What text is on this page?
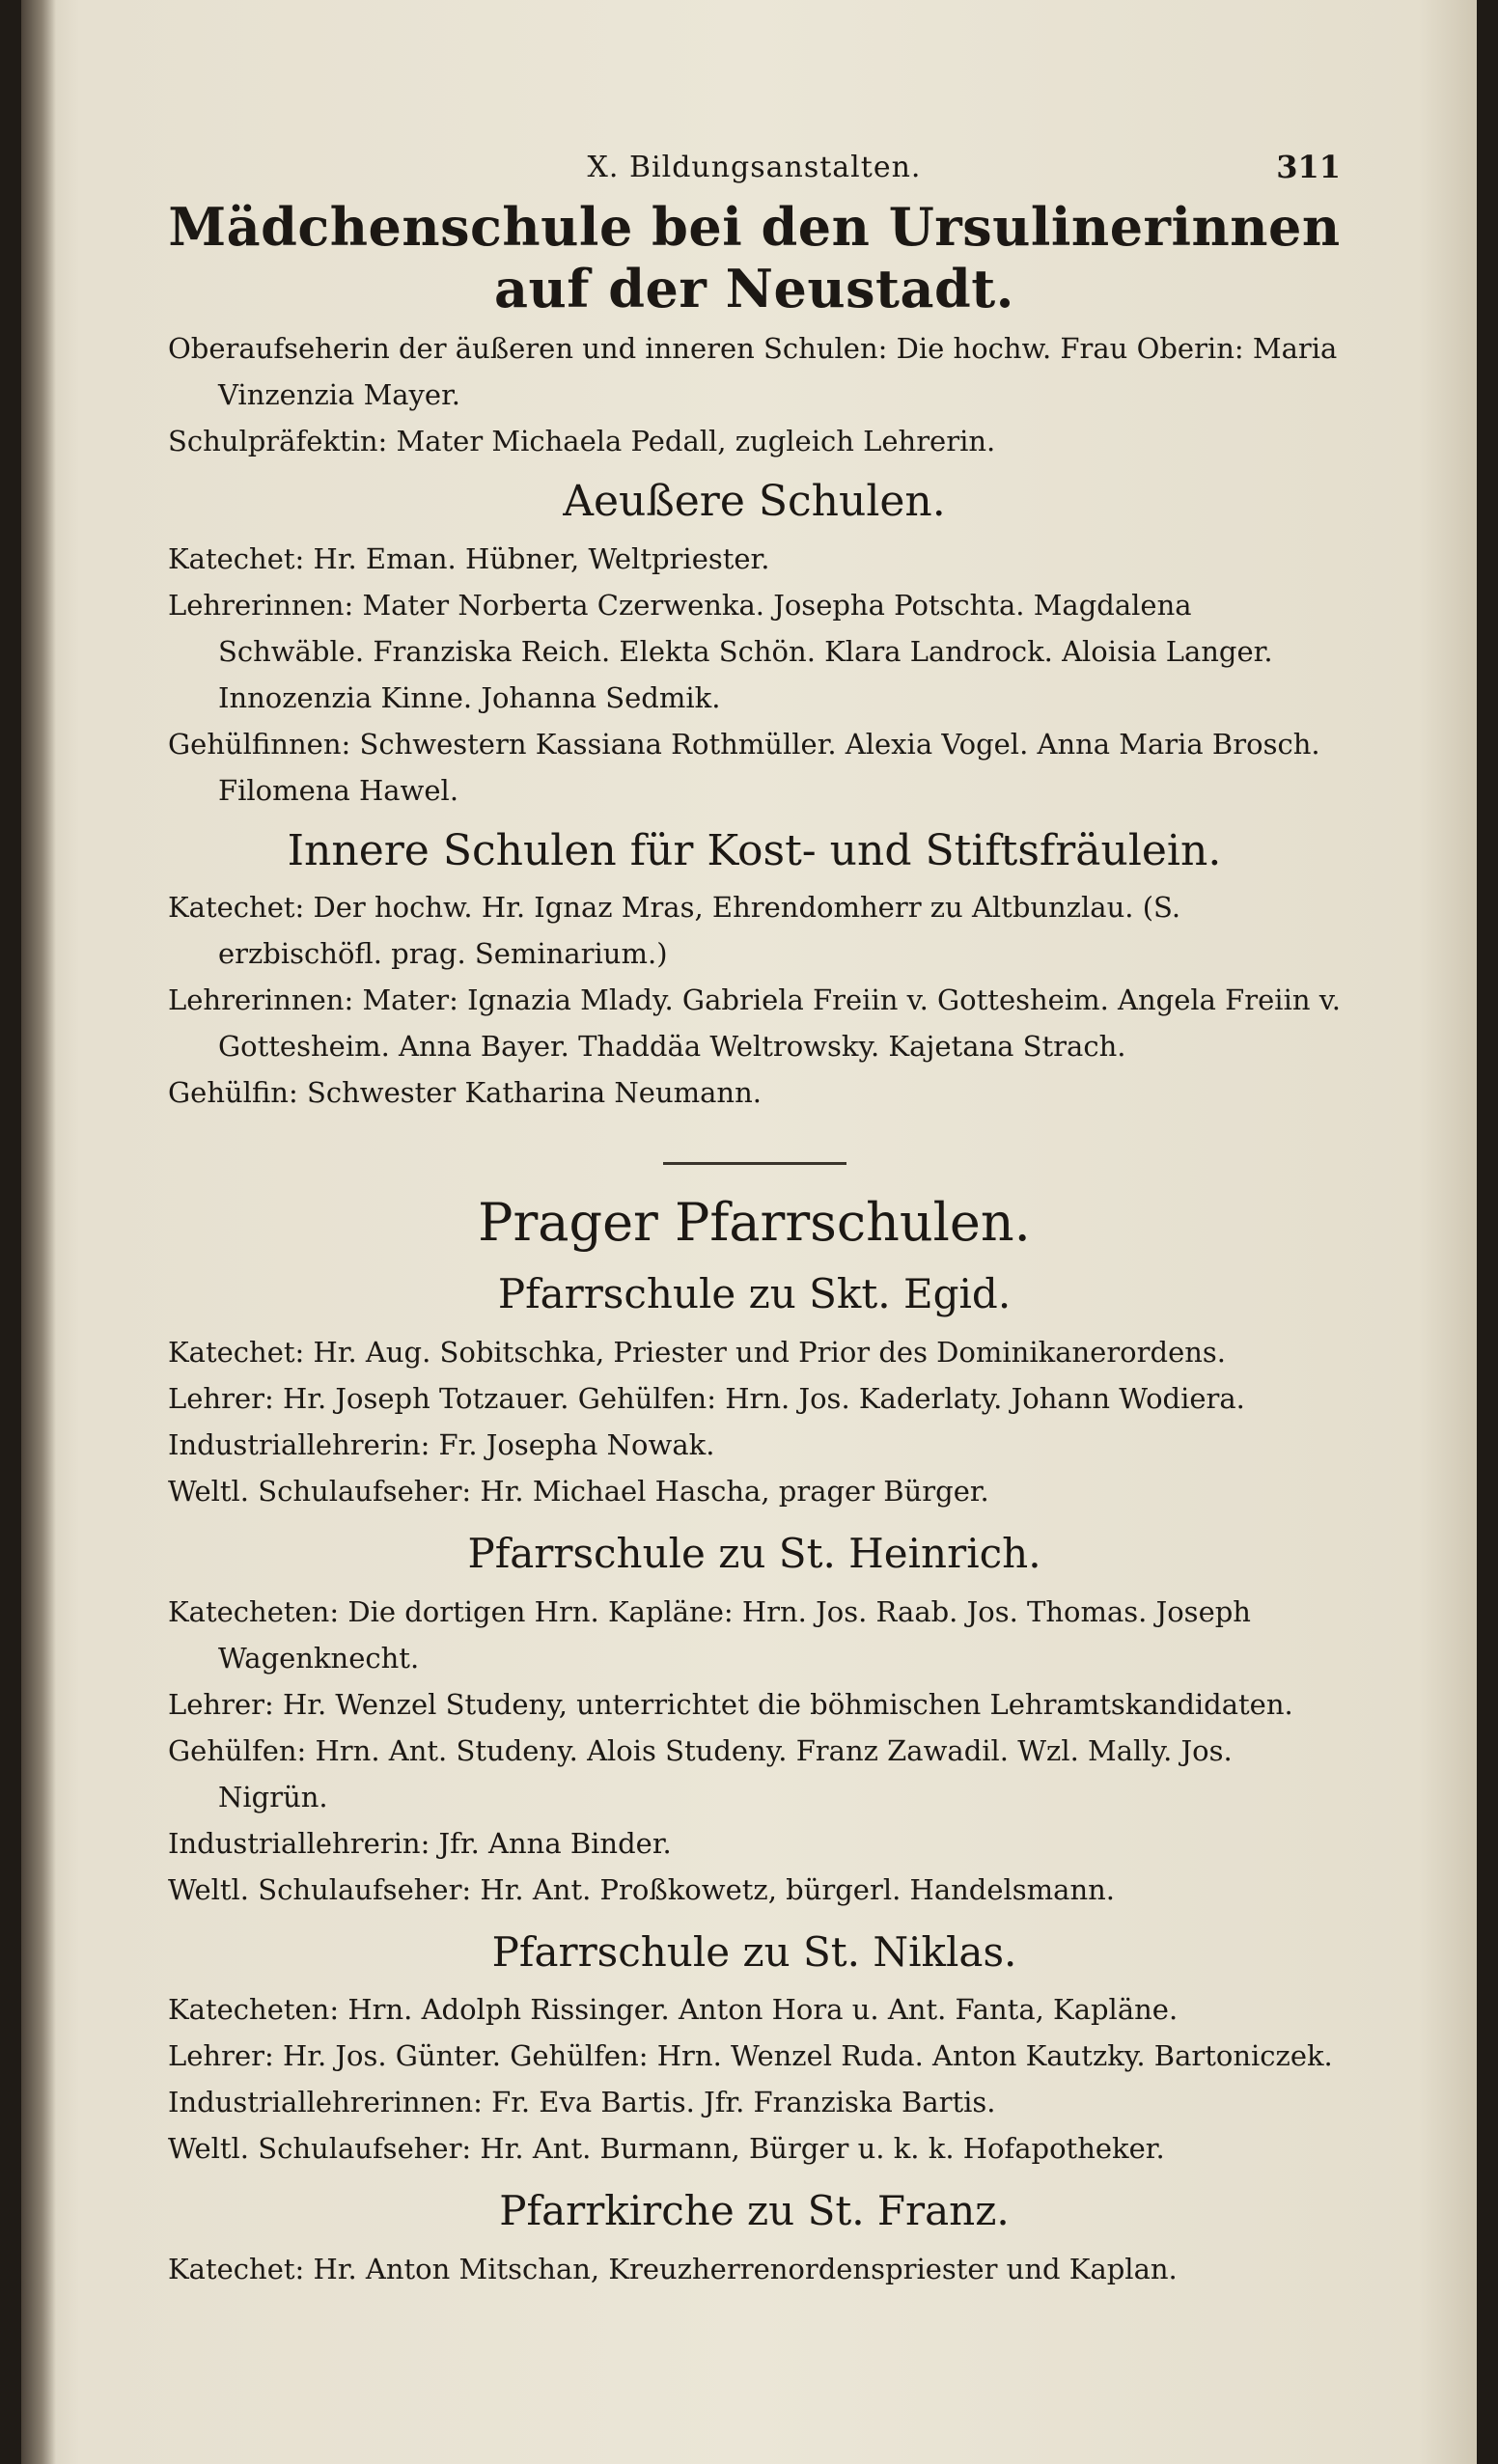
X. Bildungsanstalten.	311
Mädchenschule bei den Ursulinerinnen auf der Neustadt.

Oberaufseherin der äußeren und inneren Schulen: Die hochw. Frau Oberin: Maria Vinzenzia Mayer.

Schulpräfektin: Mater Michaela Pedall, zugleich Lehrerin.

Aeußere Schulen.

Katechet: Hr. Eman. Hübner, Weltpriester.

Lehrerinnen: Mater Norberta Czerwenka. Josepha Potschta. Magdalena Schwäble. Franziska Reich. Elekta Schön. Klara Landrock. Aloisia Langer. Innozenzia Kinne. Johanna Sedmik.

Gehülfinnen: Schwestern Kassiana Rothmüller. Alexia Vogel. Anna Maria Brosch. Filomena Hawel.

Innere Schulen für Kost- und Stiftsfräulein.

Katechet: Der hochw. Hr. Ignaz Mras, Ehrendomherr zu Altbunzlau. (S. erzbischöfl. prag. Seminarium.)

Lehrerinnen: Mater: Ignazia Mlady. Gabriela Freiin v. Gottesheim. Angela Freiin v. Gottesheim. Anna Bayer. Thaddäa Weltrowsky. Kajetana Strach.

Gehülfin: Schwester Katharina Neumann.

Prager Pfarrschulen.
Pfarrschule zu Skt. Egid.

Katechet: Hr. Aug. Sobitschka, Priester und Prior des Dominikanerordens.

Lehrer: Hr. Joseph Totzauer. Gehülfen: Hrn. Jos. Kaderlaty. Johann Wodiera.

Industriallehrerin: Fr. Josepha Nowak.

Weltl. Schulaufseher: Hr. Michael Hascha, prager Bürger.

Pfarrschule zu St. Heinrich.

Katecheten: Die dortigen Hrn. Kapläne: Hrn. Jos. Raab. Jos. Thomas. Joseph Wagenknecht.

Lehrer: Hr. Wenzel Studeny, unterrichtet die böhmischen Lehramtskandidaten.

Gehülfen: Hrn. Ant. Studeny. Alois Studeny. Franz Zawadil. Wzl. Mally. Jos. Nigrün.

Industriallehrerin: Jfr. Anna Binder.

Weltl. Schulaufseher: Hr. Ant. Proßkowetz, bürgerl. Handelsmann.

Pfarrschule zu St. Niklas.

Katecheten: Hrn. Adolph Rissinger. Anton Hora u. Ant. Fanta, Kapläne.

Lehrer: Hr. Jos. Günter. Gehülfen: Hrn. Wenzel Ruda. Anton Kautzky. Bartoniczek.

Industriallehrerinnen: Fr. Eva Bartis. Jfr. Franziska Bartis.

Weltl. Schulaufseher: Hr. Ant. Burmann, Bürger u. k. k. Hofapotheker.

Pfarrkirche zu St. Franz.

Katechet: Hr. Anton Mitschan, Kreuzherrenordenspriester und Kaplan.
